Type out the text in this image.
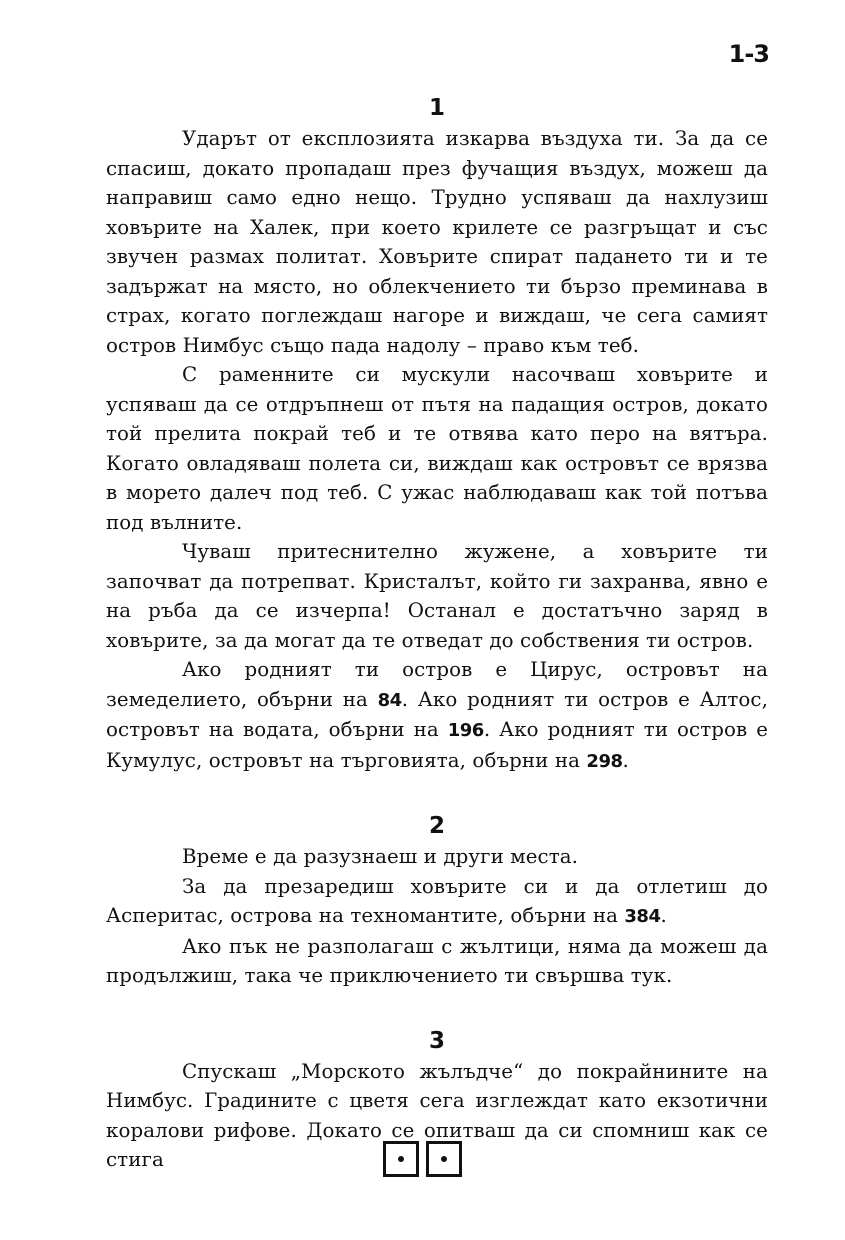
1-3
1

Ударът от експлозията изкарва въздуха ти. За да се спасиш, докато пропадаш през фучащия въздух, можеш да направиш само едно нещо. Трудно успяваш да нахлузиш ховърите на Халек, при което крилете се разгръщат и със звучен размах политат. Ховърите спират падането ти и те задържат на място, но облекчението ти бързо преминава в страх, когато поглеждаш нагоре и виждаш, че сега самият остров Нимбус също пада надолу – право към теб.

С раменните си мускули насочваш ховърите и успяваш да се отдръпнеш от пътя на падащия остров, докато той прелита покрай теб и те отвява като перо на вятъра. Когато овладяваш полета си, виждаш как островът се врязва в морето далеч под теб. С ужас наблюдаваш как той потъва под вълните.

Чуваш притеснително жужене, а ховърите ти започват да потрепват. Кристалът, който ги захранва, явно е на ръба да се изчерпа! Останал е достатъчно заряд в ховърите, за да могат да те отведат до собствения ти остров.

Ако родният ти остров е Цирус, островът на земеделието, обърни на 84. Ако родният ти остров е Алтос, островът на водата, обърни на 196. Ако родният ти остров е Кумулус, островът на търговията, обърни на 298.

2

Време е да разузнаеш и други места.

За да презаредиш ховърите си и да отлетиш до Асперитас, острова на техномантите, обърни на 384.

Ако пък не разполагаш с жълтици, няма да можеш да продължиш, така че приключението ти свършва тук.

3

Спускаш „Морското жълъдче“ до покрайнините на Нимбус. Градините с цветя сега изглеждат като екзотични коралови рифове. Докато се опитваш да си спомниш как се стига
